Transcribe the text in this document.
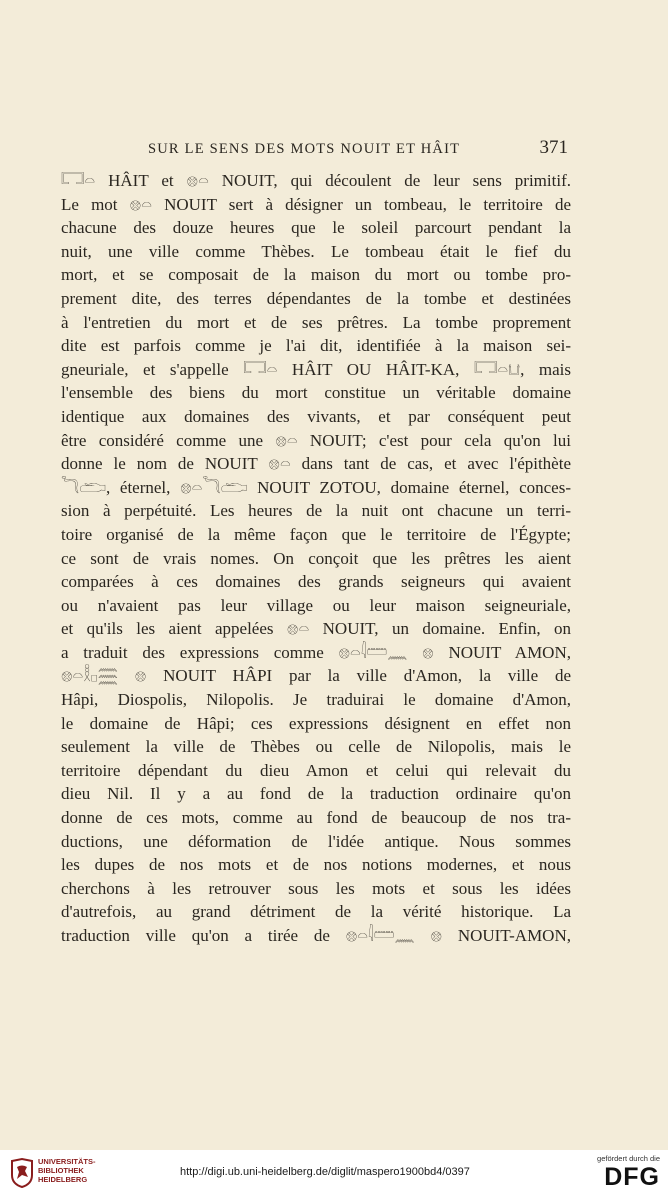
SUR LE SENS DES MOTS NOUIT ET HÂIT	371
𓉐𓏏 HÂIT et 𓊖𓏏 NOUIT, qui découlent de leur sens primitif.
Le mot 𓊖𓏏 NOUIT sert à désigner un tombeau, le territoire de
chacune des douze heures que le soleil parcourt pendant la
nuit, une ville comme Thèbes. Le tombeau était le fief du
mort, et se composait de la maison du mort ou tombe pro-
prement dite, des terres dépendantes de la tombe et destinées
à l'entretien du mort et de ses prêtres. La tombe proprement
dite est parfois comme je l'ai dit, identifiée à la maison sei-
gneuriale, et s'appelle 𓉐𓏏 HÂIT OU HÂIT-KA, 𓉐𓏏𓂓, mais
l'ensemble des biens du mort constitue un véritable domaine
identique aux domaines des vivants, et par conséquent peut
être considéré comme une 𓊖𓏏 NOUIT; c'est pour cela qu'on lui
donne le nom de NOUIT 𓊖𓏏 dans tant de cas, et avec l'épithète
𓆓𓂧, éternel, 𓊖𓏏𓆓𓂧 NOUIT ZOTOU, domaine éternel, conces-
sion à perpétuité. Les heures de la nuit ont chacune un terri-
toire organisé de la même façon que le territoire de l'Égypte;
ce sont de vrais nomes. On conçoit que les prêtres les aient
comparées à ces domaines des grands seigneurs qui avaient
ou n'avaient pas leur village ou leur maison seigneuriale,
et qu'ils les aient appelées 𓊖𓏏 NOUIT, un domaine. Enfin, on
a traduit des expressions comme 𓊖𓏏𓇋𓏠𓈖 𓊖 NOUIT AMON,
𓊖𓏏𓎛𓊪𓈗 𓊖 NOUIT HÂPI par la ville d'Amon, la ville de
Hâpi, Diospolis, Nilopolis. Je traduirai le domaine d'Amon,
le domaine de Hâpi; ces expressions désignent en effet non
seulement la ville de Thèbes ou celle de Nilopolis, mais le
territoire dépendant du dieu Amon et celui qui relevait du
dieu Nil. Il y a au fond de la traduction ordinaire qu'on
donne de ces mots, comme au fond de beaucoup de nos tra-
ductions, une déformation de l'idée antique. Nous sommes
les dupes de nos mots et de nos notions modernes, et nous
cherchons à les retrouver sous les mots et sous les idées
d'autrefois, au grand détriment de la vérité historique. La
traduction ville qu'on a tirée de 𓊖𓏏𓇋𓏠𓈖 𓊖 NOUIT-AMON,
UNIVERSITÄTS-
BIBLIOTHEK
HEIDELBERG
http://digi.ub.uni-heidelberg.de/diglit/maspero1900bd4/0397
gefördert durch die
DFG
